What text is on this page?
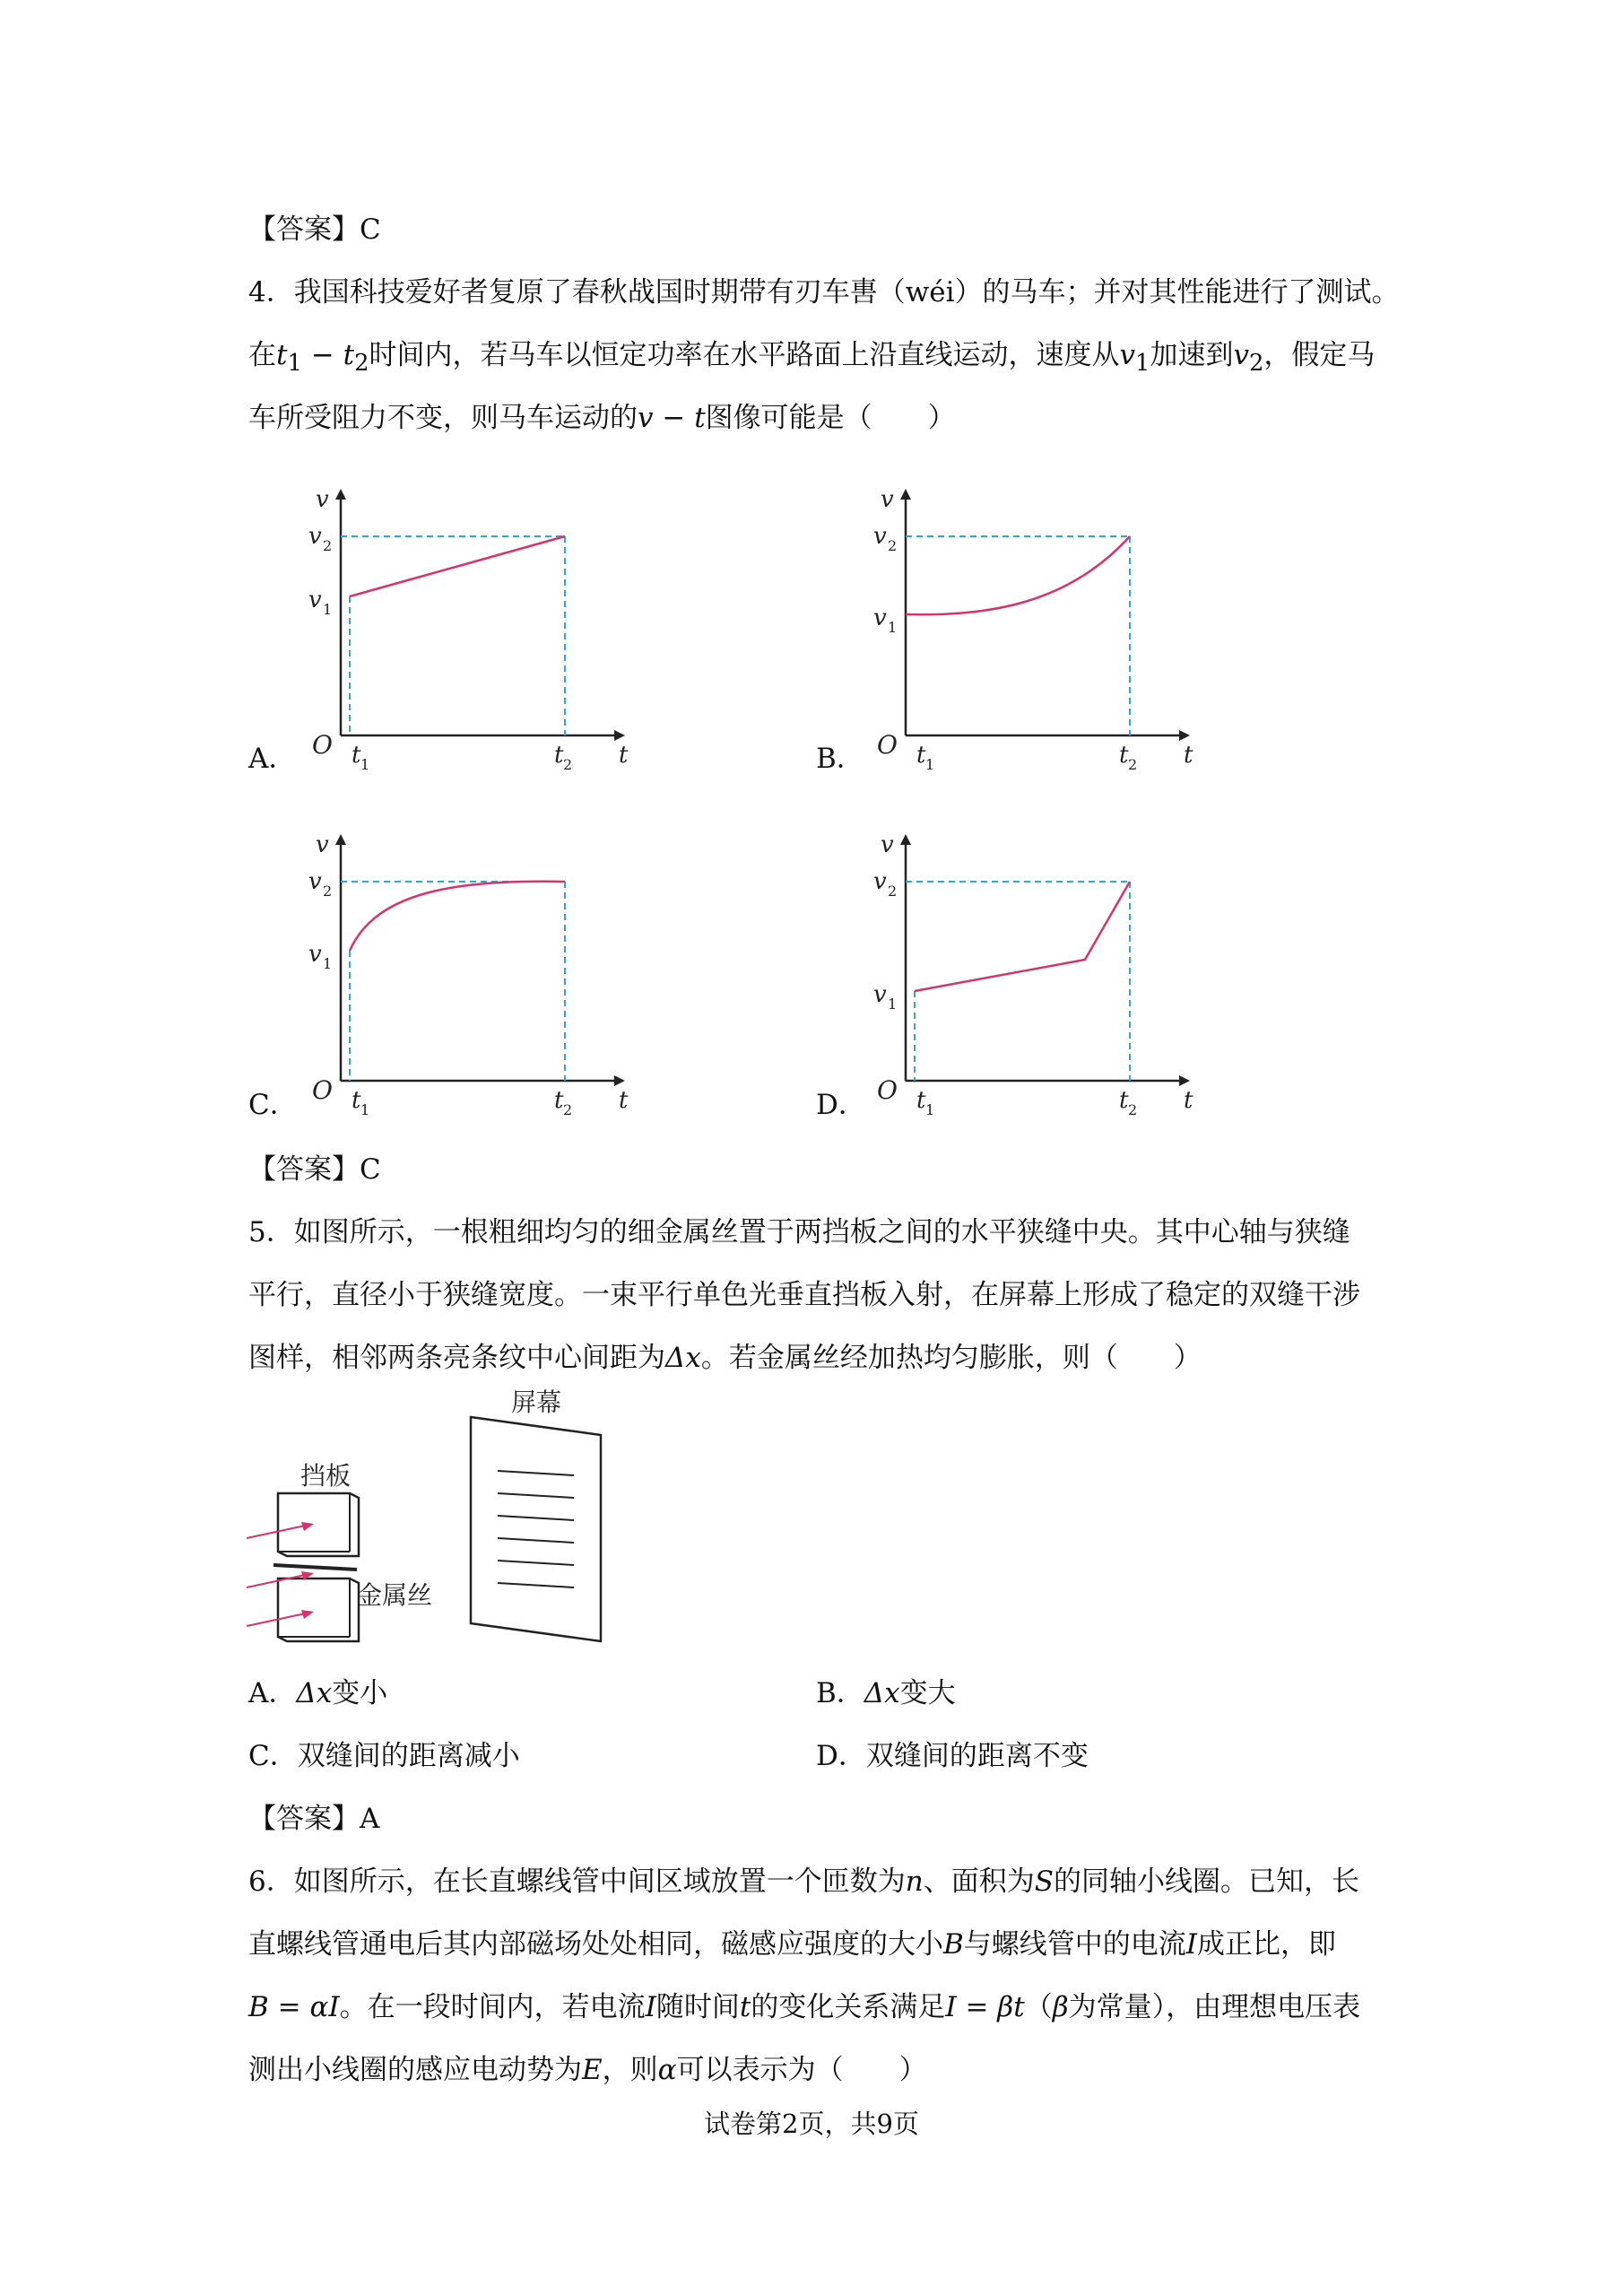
【答案】C
4．我国科技爱好者复原了春秋战国时期带有刃车軎（wéi）的马车；并对其性能进行了测试。
在$t_1 - t_2$时间内，若马车以恒定功率在水平路面上沿直线运动，速度从$v_1$加速到$v_2$，假定马
车所受阻力不变，则马车运动的v − t图像可能是（　　）
v
v 2
v 1
O t 1	t 2 t
A．
v
v 2
v 1
O t 1	t 2 t
B．
v
v 2
v 1
O t 1	t 2 t
C．
v
v 2
v 1
O t 1	t 2 t
D．
【答案】C
5．如图所示，一根粗细均匀的细金属丝置于两挡板之间的水平狭缝中央。其中心轴与狭缝
平行，直径小于狭缝宽度。一束平行单色光垂直挡板入射，在屏幕上形成了稳定的双缝干涉
图样，相邻两条亮条纹中心间距为Δx。若金属丝经加热均匀膨胀，则（　　）
屏幕
挡板
金属丝
A．Δx变小	B．Δx变大
C．双缝间的距离减小	D．双缝间的距离不变
【答案】A
6．如图所示，在长直螺线管中间区域放置一个匝数为n、面积为S的同轴小线圈。已知，长
直螺线管通电后其内部磁场处处相同，磁感应强度的大小B与螺线管中的电流I成正比，即
B = αI。在一段时间内，若电流I随时间t的变化关系满足I = βt（β为常量），由理想电压表
测出小线圈的感应电动势为E，则α可以表示为（　　）
试卷第2页，共9页
